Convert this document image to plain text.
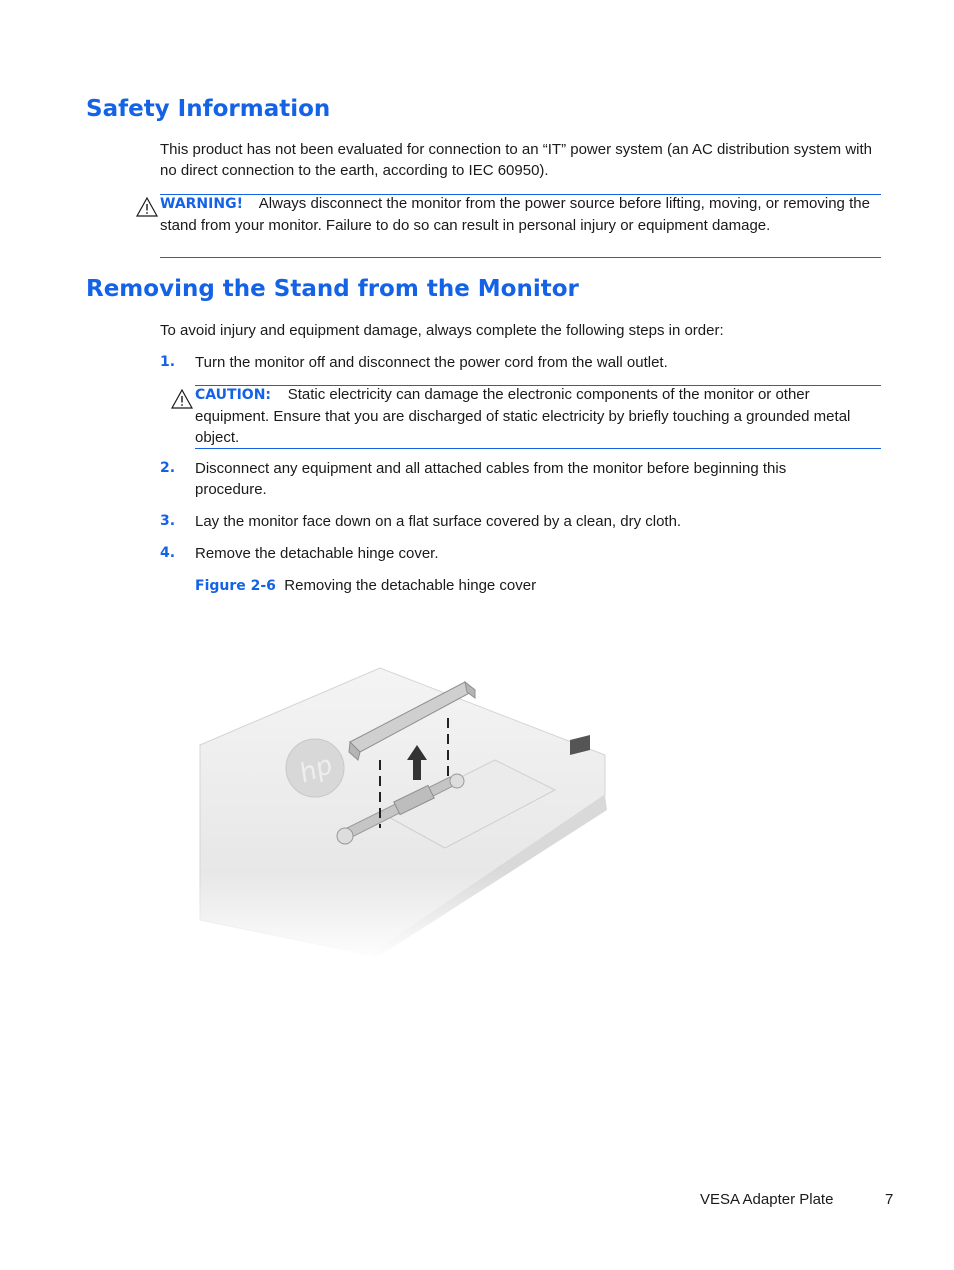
Safety Information
This product has not been evaluated for connection to an “IT” power system (an AC distribution system with no direct connection to the earth, according to IEC 60950).
WARNING! Always disconnect the monitor from the power source before lifting, moving, or removing the stand from your monitor. Failure to do so can result in personal injury or equipment damage.
Removing the Stand from the Monitor
To avoid injury and equipment damage, always complete the following steps in order:
1. Turn the monitor off and disconnect the power cord from the wall outlet.
CAUTION: Static electricity can damage the electronic components of the monitor or other equipment. Ensure that you are discharged of static electricity by briefly touching a grounded metal object.
2. Disconnect any equipment and all attached cables from the monitor before beginning this procedure.
3. Lay the monitor face down on a flat surface covered by a clean, dry cloth.
4. Remove the detachable hinge cover.
Figure 2-6 Removing the detachable hinge cover
VESA Adapter Plate	7
